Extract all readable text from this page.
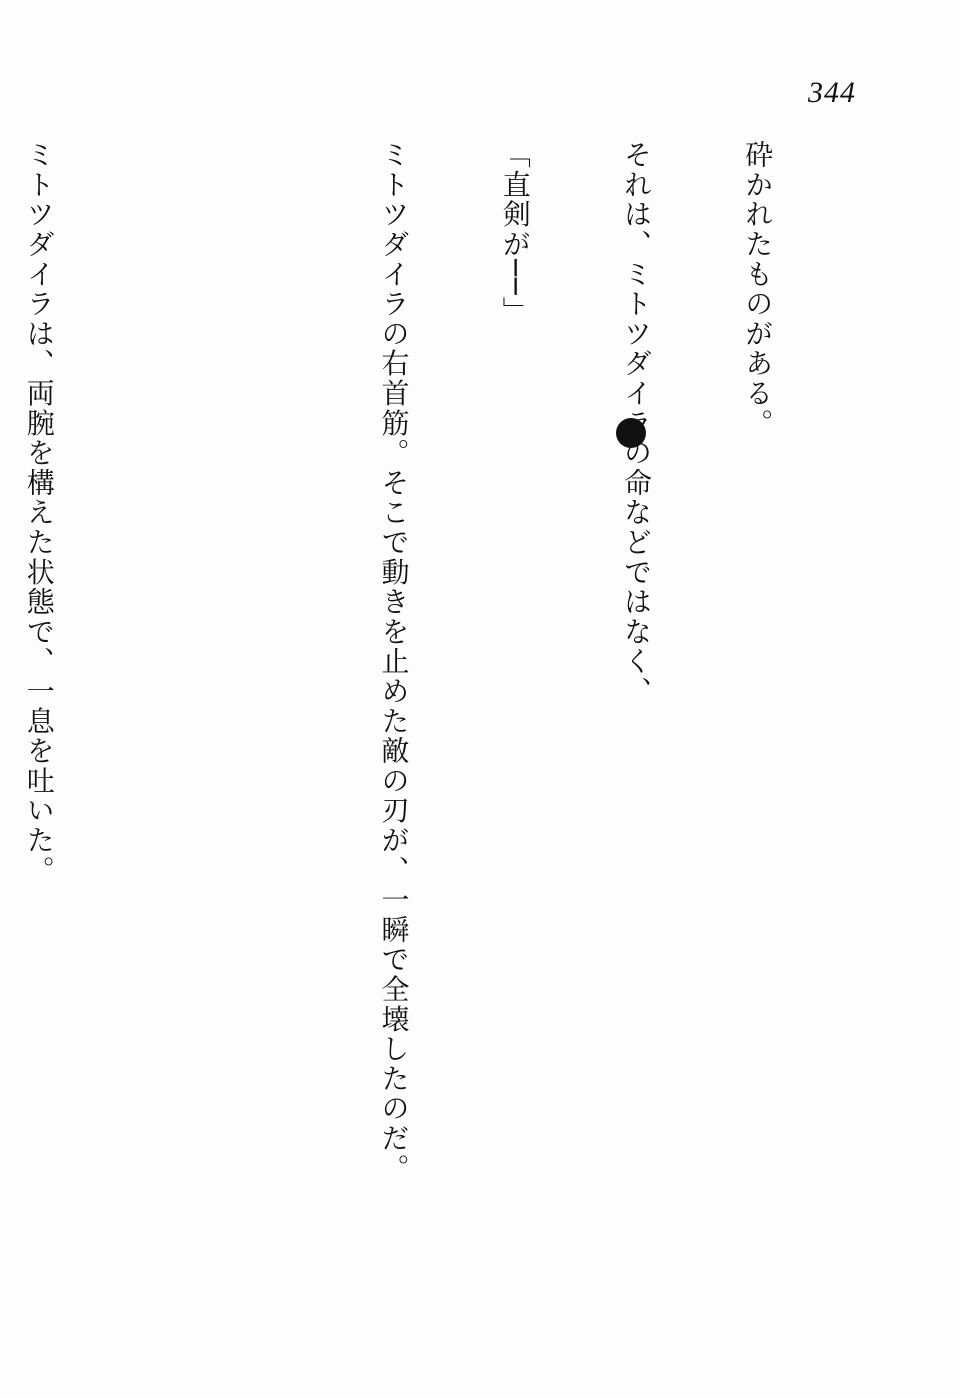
344

砕かれたものがある。

それは、ミトツダイラの命などではなく、

「直剣が──」

ミトツダイラの右首筋。そこで動きを止めた敵の刃が、一瞬で全壊したのだ。

ミトツダイラは、両腕を構えた状態で、一息を吐いた。
